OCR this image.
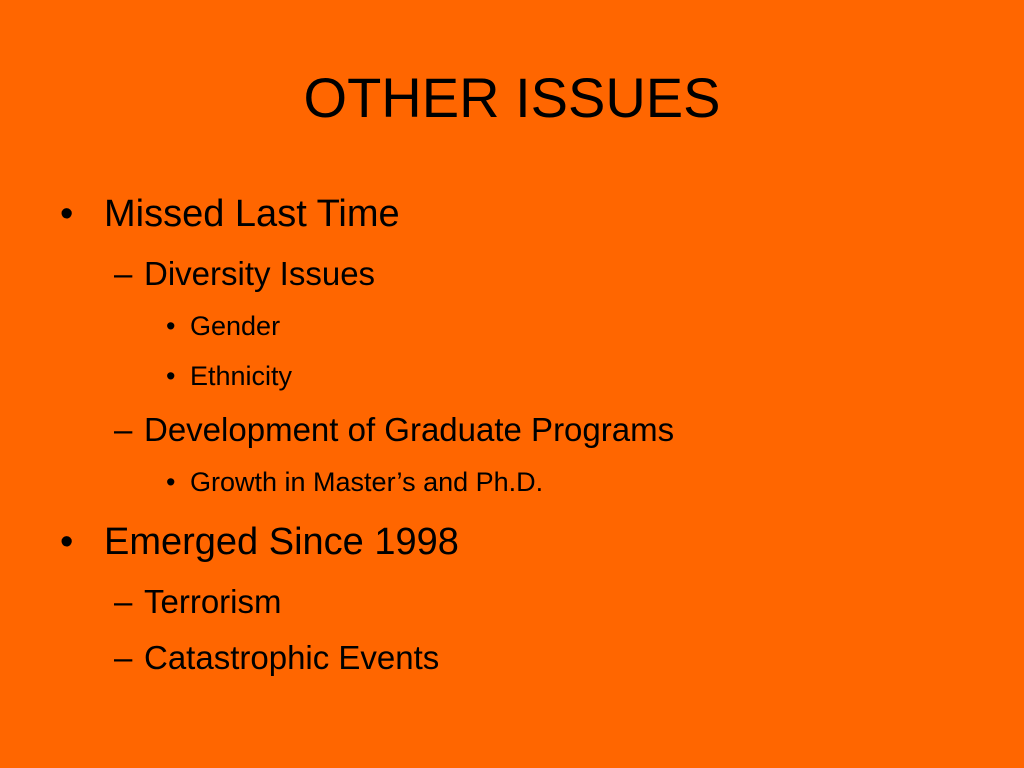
OTHER ISSUES
• Missed Last Time
– Diversity Issues
• Gender
• Ethnicity
– Development of Graduate Programs
• Growth in Master’s and Ph.D.
• Emerged Since 1998
– Terrorism
– Catastrophic Events
